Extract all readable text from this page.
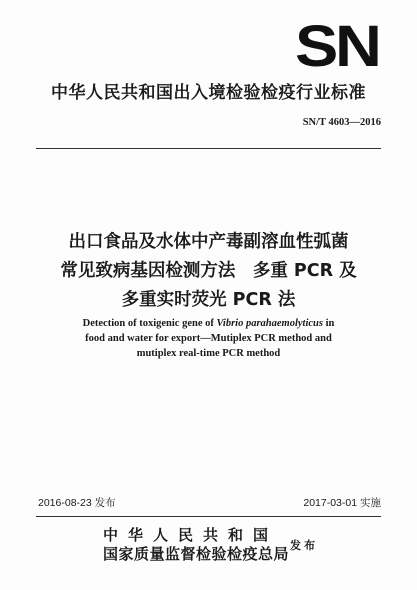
SN
中华人民共和国出入境检验检疫行业标准
SN/T 4603—2016
出口食品及水体中产毒副溶血性弧菌
常见致病基因检测方法　多重 PCR 及
多重实时荧光 PCR 法
Detection of toxigenic gene of Vibrio parahaemolyticus in
food and water for export—Mutiplex PCR method and
mutiplex real-time PCR method
2016-08-23 发布	2017-03-01 实施
中华人民共和国
国家质量监督检验检疫总局 发布
